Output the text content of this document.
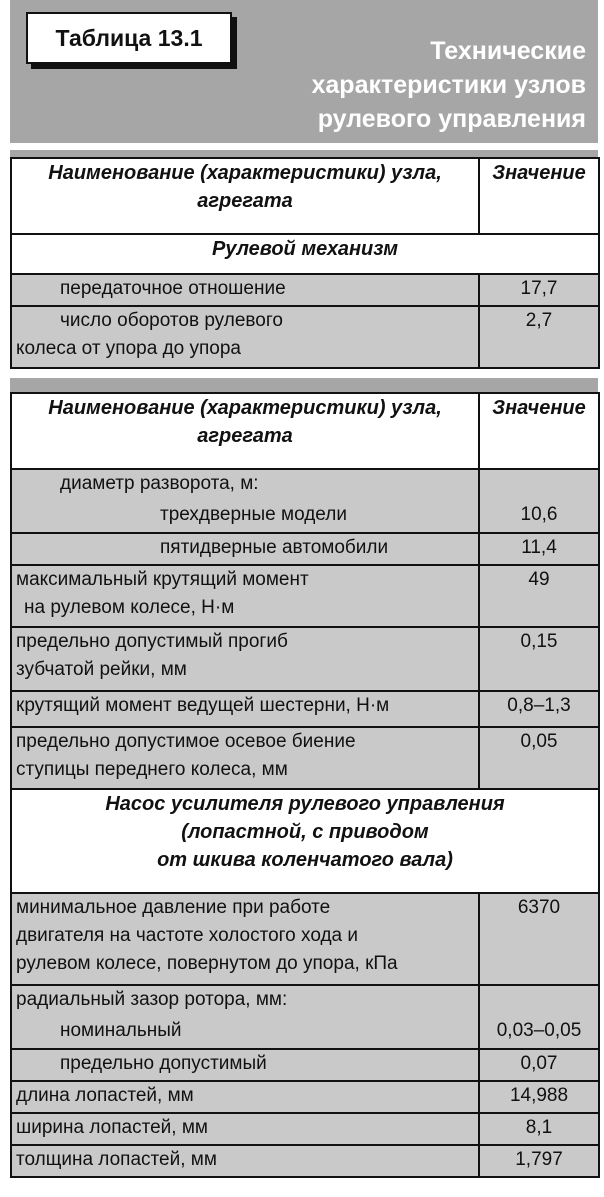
Таблица 13.1	Технические
характеристики узлов
рулевого управления
Наименование (характеристики) узла,
агрегата	Значение
Рулевой механизм	
передаточное отношение	17,7

число оборотов рулевого
колеса от упора до упора	2,7
Наименование (характеристики) узла,
агрегата	Значение
диаметр разворота, м:	
трехдверные модели	10,6
пятидверные автомобили	11,4

максимальный крутящий момент
на рулевом колесе, Н·м	49

предельно допустимый прогиб
зубчатой рейки, мм	0,15
крутящий момент ведущей шестерни, Н·м	0,8–1,3

предельно допустимое осевое биение
ступицы переднего колеса, мм	0,05

Насос усилителя рулевого управления
(лопастной, с приводом
от шкива коленчатого вала)	

минимальное давление при работе
двигателя на частоте холостого хода и
рулевом колесе, повернутом до упора, кПа	6370
радиальный зазор ротора, мм:	
номинальный	0,03–0,05
предельно допустимый	0,07
длина лопастей, мм	14,988
ширина лопастей, мм	8,1
толщина лопастей, мм	1,797
